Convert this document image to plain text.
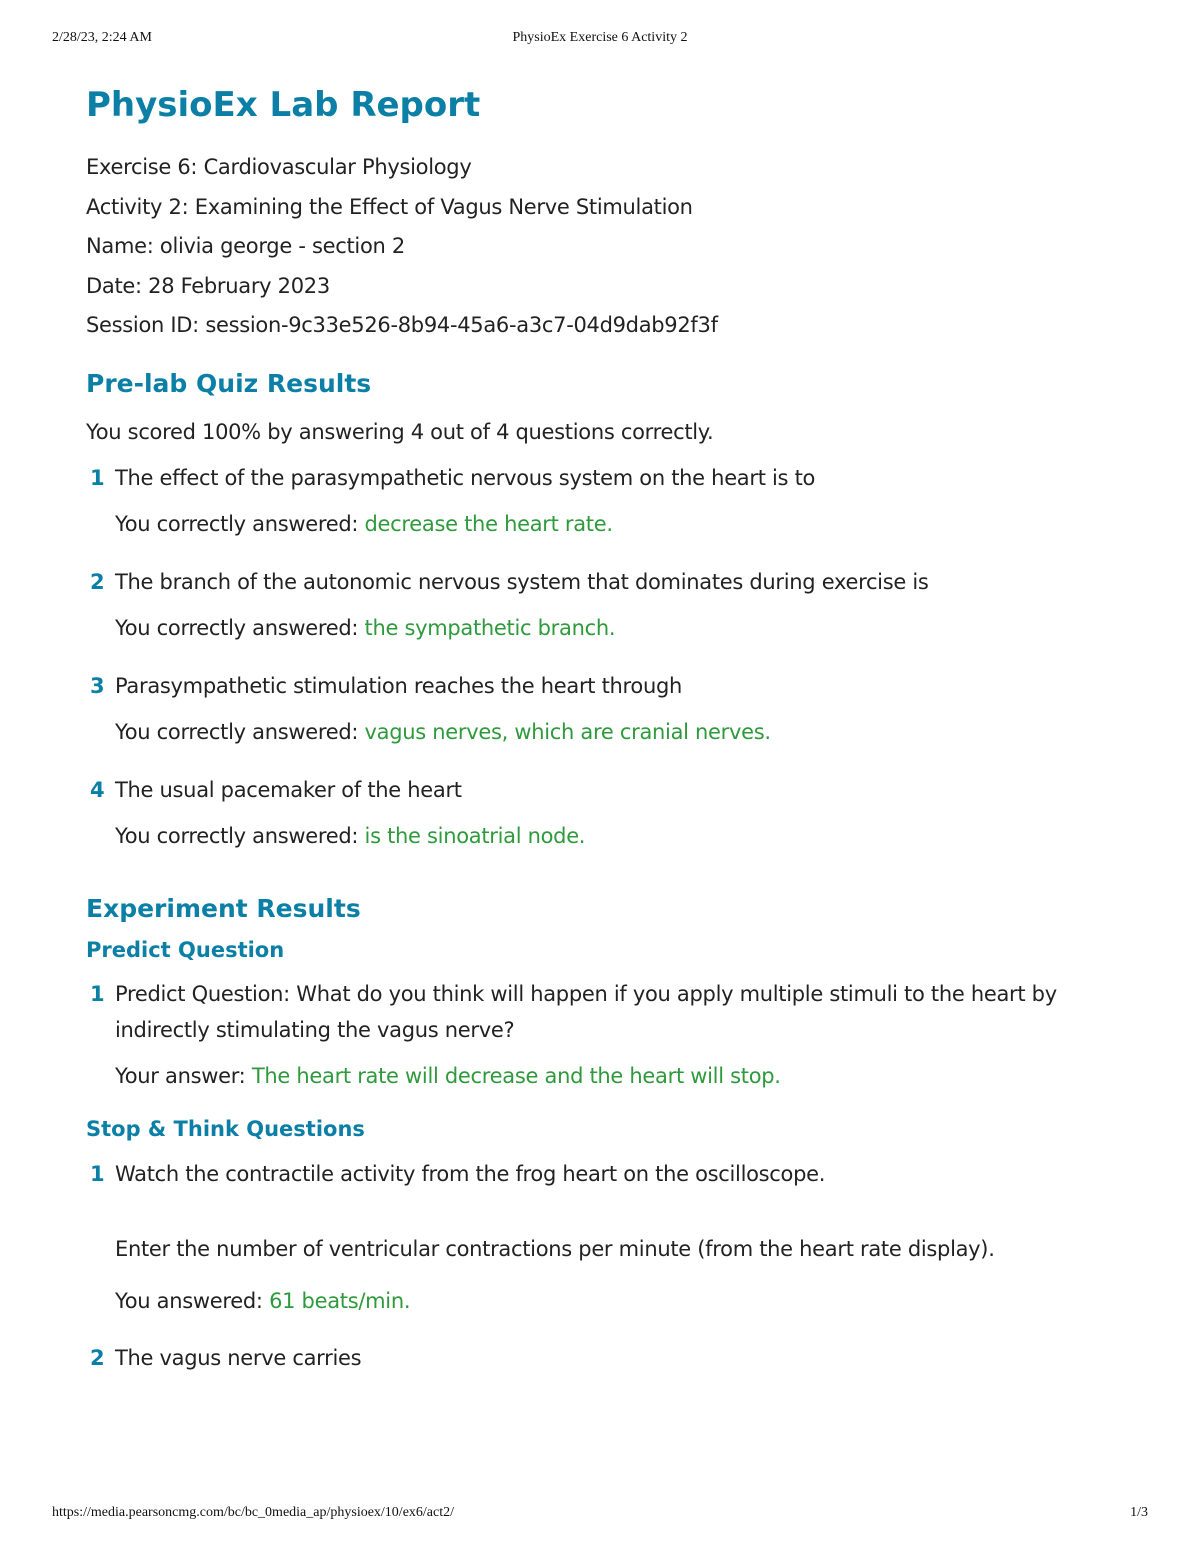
2/28/23, 2:24 AM	PhysioEx Exercise 6 Activity 2
PhysioEx Lab Report
Exercise 6: Cardiovascular Physiology
Activity 2: Examining the Effect of Vagus Nerve Stimulation
Name: olivia george - section 2
Date: 28 February 2023
Session ID: session-9c33e526-8b94-45a6-a3c7-04d9dab92f3f
Pre-lab Quiz Results
You scored 100% by answering 4 out of 4 questions correctly.
1 The effect of the parasympathetic nervous system on the heart is to
You correctly answered: decrease the heart rate.
2 The branch of the autonomic nervous system that dominates during exercise is
You correctly answered: the sympathetic branch.
3 Parasympathetic stimulation reaches the heart through
You correctly answered: vagus nerves, which are cranial nerves.
4 The usual pacemaker of the heart
You correctly answered: is the sinoatrial node.
Experiment Results
Predict Question
1 Predict Question: What do you think will happen if you apply multiple stimuli to the heart by indirectly stimulating the vagus nerve?
Your answer: The heart rate will decrease and the heart will stop.
Stop & Think Questions
1 Watch the contractile activity from the frog heart on the oscilloscope.
Enter the number of ventricular contractions per minute (from the heart rate display).
You answered: 61 beats/min.
2 The vagus nerve carries
https://media.pearsoncmg.com/bc/bc_0media_ap/physioex/10/ex6/act2/	1/3
